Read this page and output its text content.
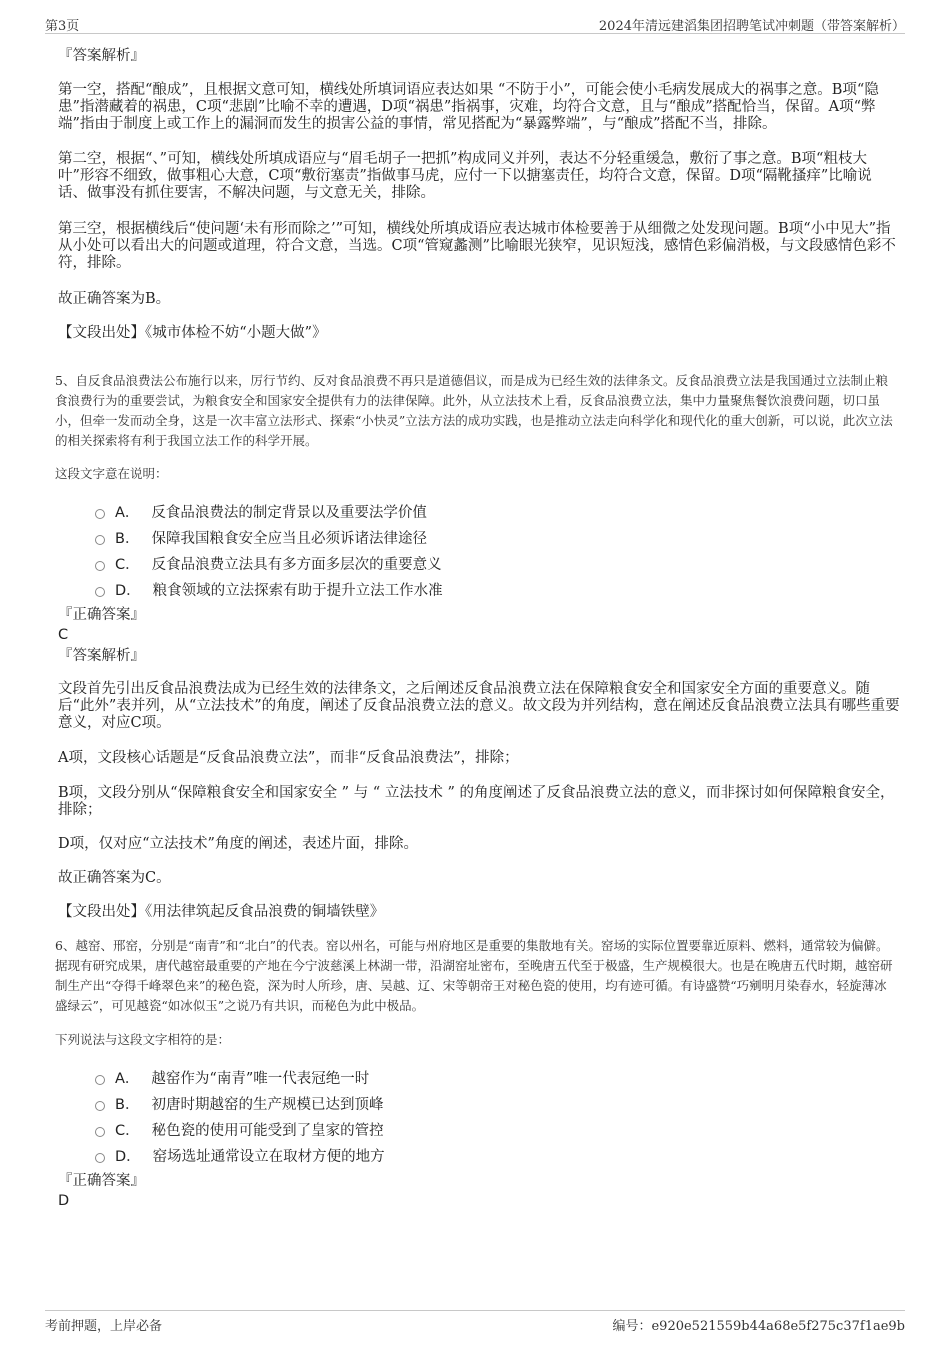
第3页	2024年清远建滔集团招聘笔试冲刺题（带答案解析）
『答案解析』
第一空，搭配“酿成”，且根据文意可知，横线处所填词语应表达如果 “不防于小”，可能会使小毛病发展成大的祸事之意。B项“隐患”指潜藏着的祸患，C项“悲剧”比喻不幸的遭遇，D项“祸患”指祸事，灾难，均符合文意，且与“酿成”搭配恰当，保留。A项“弊端”指由于制度上或工作上的漏洞而发生的损害公益的事情，常见搭配为“暴露弊端”，与“酿成”搭配不当，排除。
第二空，根据“、”可知，横线处所填成语应与“眉毛胡子一把抓”构成同义并列，表达不分轻重缓急，敷衍了事之意。B项“粗枝大叶”形容不细致，做事粗心大意，C项“敷衍塞责”指做事马虎，应付一下以搪塞责任，均符合文意，保留。D项“隔靴搔痒”比喻说话、做事没有抓住要害，不解决问题，与文意无关，排除。
第三空，根据横线后“使问题‘未有形而除之’”可知，横线处所填成语应表达城市体检要善于从细微之处发现问题。B项“小中见大”指从小处可以看出大的问题或道理，符合文意，当选。C项“管窥蠡测”比喻眼光狭窄，见识短浅，感情色彩偏消极，与文段感情色彩不符，排除。
故正确答案为B。
【文段出处】《城市体检不妨“小题大做”》
5、自反食品浪费法公布施行以来，厉行节约、反对食品浪费不再只是道德倡议，而是成为已经生效的法律条文。反食品浪费立法是我国通过立法制止粮食浪费行为的重要尝试，为粮食安全和国家安全提供有力的法律保障。此外，从立法技术上看，反食品浪费立法，集中力量聚焦餐饮浪费问题，切口虽小，但牵一发而动全身，这是一次丰富立法形式、探索“小快灵”立法方法的成功实践，也是推动立法走向科学化和现代化的重大创新，可以说，此次立法的相关探索将有利于我国立法工作的科学开展。
这段文字意在说明：
A． 反食品浪费法的制定背景以及重要法学价值
B． 保障我国粮食安全应当且必须诉诸法律途径
C． 反食品浪费立法具有多方面多层次的重要意义
D． 粮食领域的立法探索有助于提升立法工作水准
『正确答案』
C
『答案解析』
文段首先引出反食品浪费法成为已经生效的法律条文，之后阐述反食品浪费立法在保障粮食安全和国家安全方面的重要意义。随后“此外”表并列，从“立法技术”的角度，阐述了反食品浪费立法的意义。故文段为并列结构，意在阐述反食品浪费立法具有哪些重要意义，对应C项。
A项，文段核心话题是“反食品浪费立法”，而非“反食品浪费法”，排除；
B项，文段分别从“保障粮食安全和国家安全 ” 与 “ 立法技术 ” 的角度阐述了反食品浪费立法的意义，而非探讨如何保障粮食安全，排除；
D项，仅对应“立法技术”角度的阐述，表述片面，排除。
故正确答案为C。
【文段出处】《用法律筑起反食品浪费的铜墙铁壁》
6、越窑、邢窑，分别是“南青”和“北白”的代表。窑以州名，可能与州府地区是重要的集散地有关。窑场的实际位置要靠近原料、燃料，通常较为偏僻。据现有研究成果，唐代越窑最重要的产地在今宁波慈溪上林湖一带，沿湖窑址密布，至晚唐五代至于极盛，生产规模很大。也是在晚唐五代时期，越窑研制生产出“夺得千峰翠色来”的秘色瓷，深为时人所珍，唐、吴越、辽、宋等朝帝王对秘色瓷的使用，均有迹可循。有诗盛赞“巧剜明月染春水，轻旋薄冰盛绿云”，可见越瓷“如冰似玉”之说乃有共识，而秘色为此中极品。
下列说法与这段文字相符的是：
A． 越窑作为“南青”唯一代表冠绝一时
B． 初唐时期越窑的生产规模已达到顶峰
C． 秘色瓷的使用可能受到了皇家的管控
D． 窑场选址通常设立在取材方便的地方
『正确答案』
D
考前押题，上岸必备	编号：e920e521559b44a68e5f275c37f1ae9b
